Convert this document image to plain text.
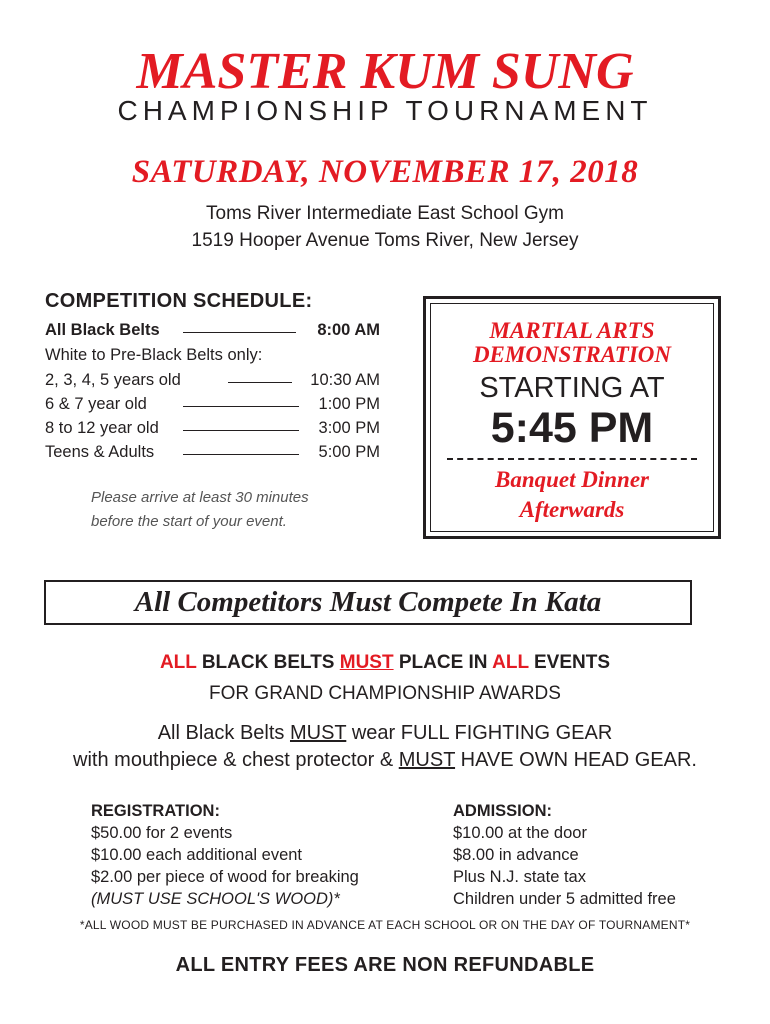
MASTER KUM SUNG
CHAMPIONSHIP TOURNAMENT
SATURDAY, NOVEMBER 17, 2018
Toms River Intermediate East School Gym
1519 Hooper Avenue Toms River, New Jersey
COMPETITION SCHEDULE:
All Black Belts	8:00 AM
White to Pre-Black Belts only:
2, 3, 4, 5 years old	10:30 AM
6 & 7 year old	1:00 PM
8 to 12 year old	3:00 PM
Teens & Adults	5:00 PM
Please arrive at least 30 minutes
before the start of your event.
MARTIAL ARTS
DEMONSTRATION
STARTING AT
5:45 PM
Banquet Dinner
Afterwards
All Competitors Must Compete In Kata
ALL BLACK BELTS MUST PLACE IN ALL EVENTS
FOR GRAND CHAMPIONSHIP AWARDS
All Black Belts MUST wear FULL FIGHTING GEAR
with mouthpiece & chest protector & MUST HAVE OWN HEAD GEAR.
REGISTRATION:
$50.00 for 2 events
$10.00 each additional event
$2.00 per piece of wood for breaking
(MUST USE SCHOOL'S WOOD)*
ADMISSION:
$10.00 at the door
$8.00 in advance
Plus N.J. state tax
Children under 5 admitted free
*ALL WOOD MUST BE PURCHASED IN ADVANCE AT EACH SCHOOL OR ON THE DAY OF TOURNAMENT*
ALL ENTRY FEES ARE NON REFUNDABLE
